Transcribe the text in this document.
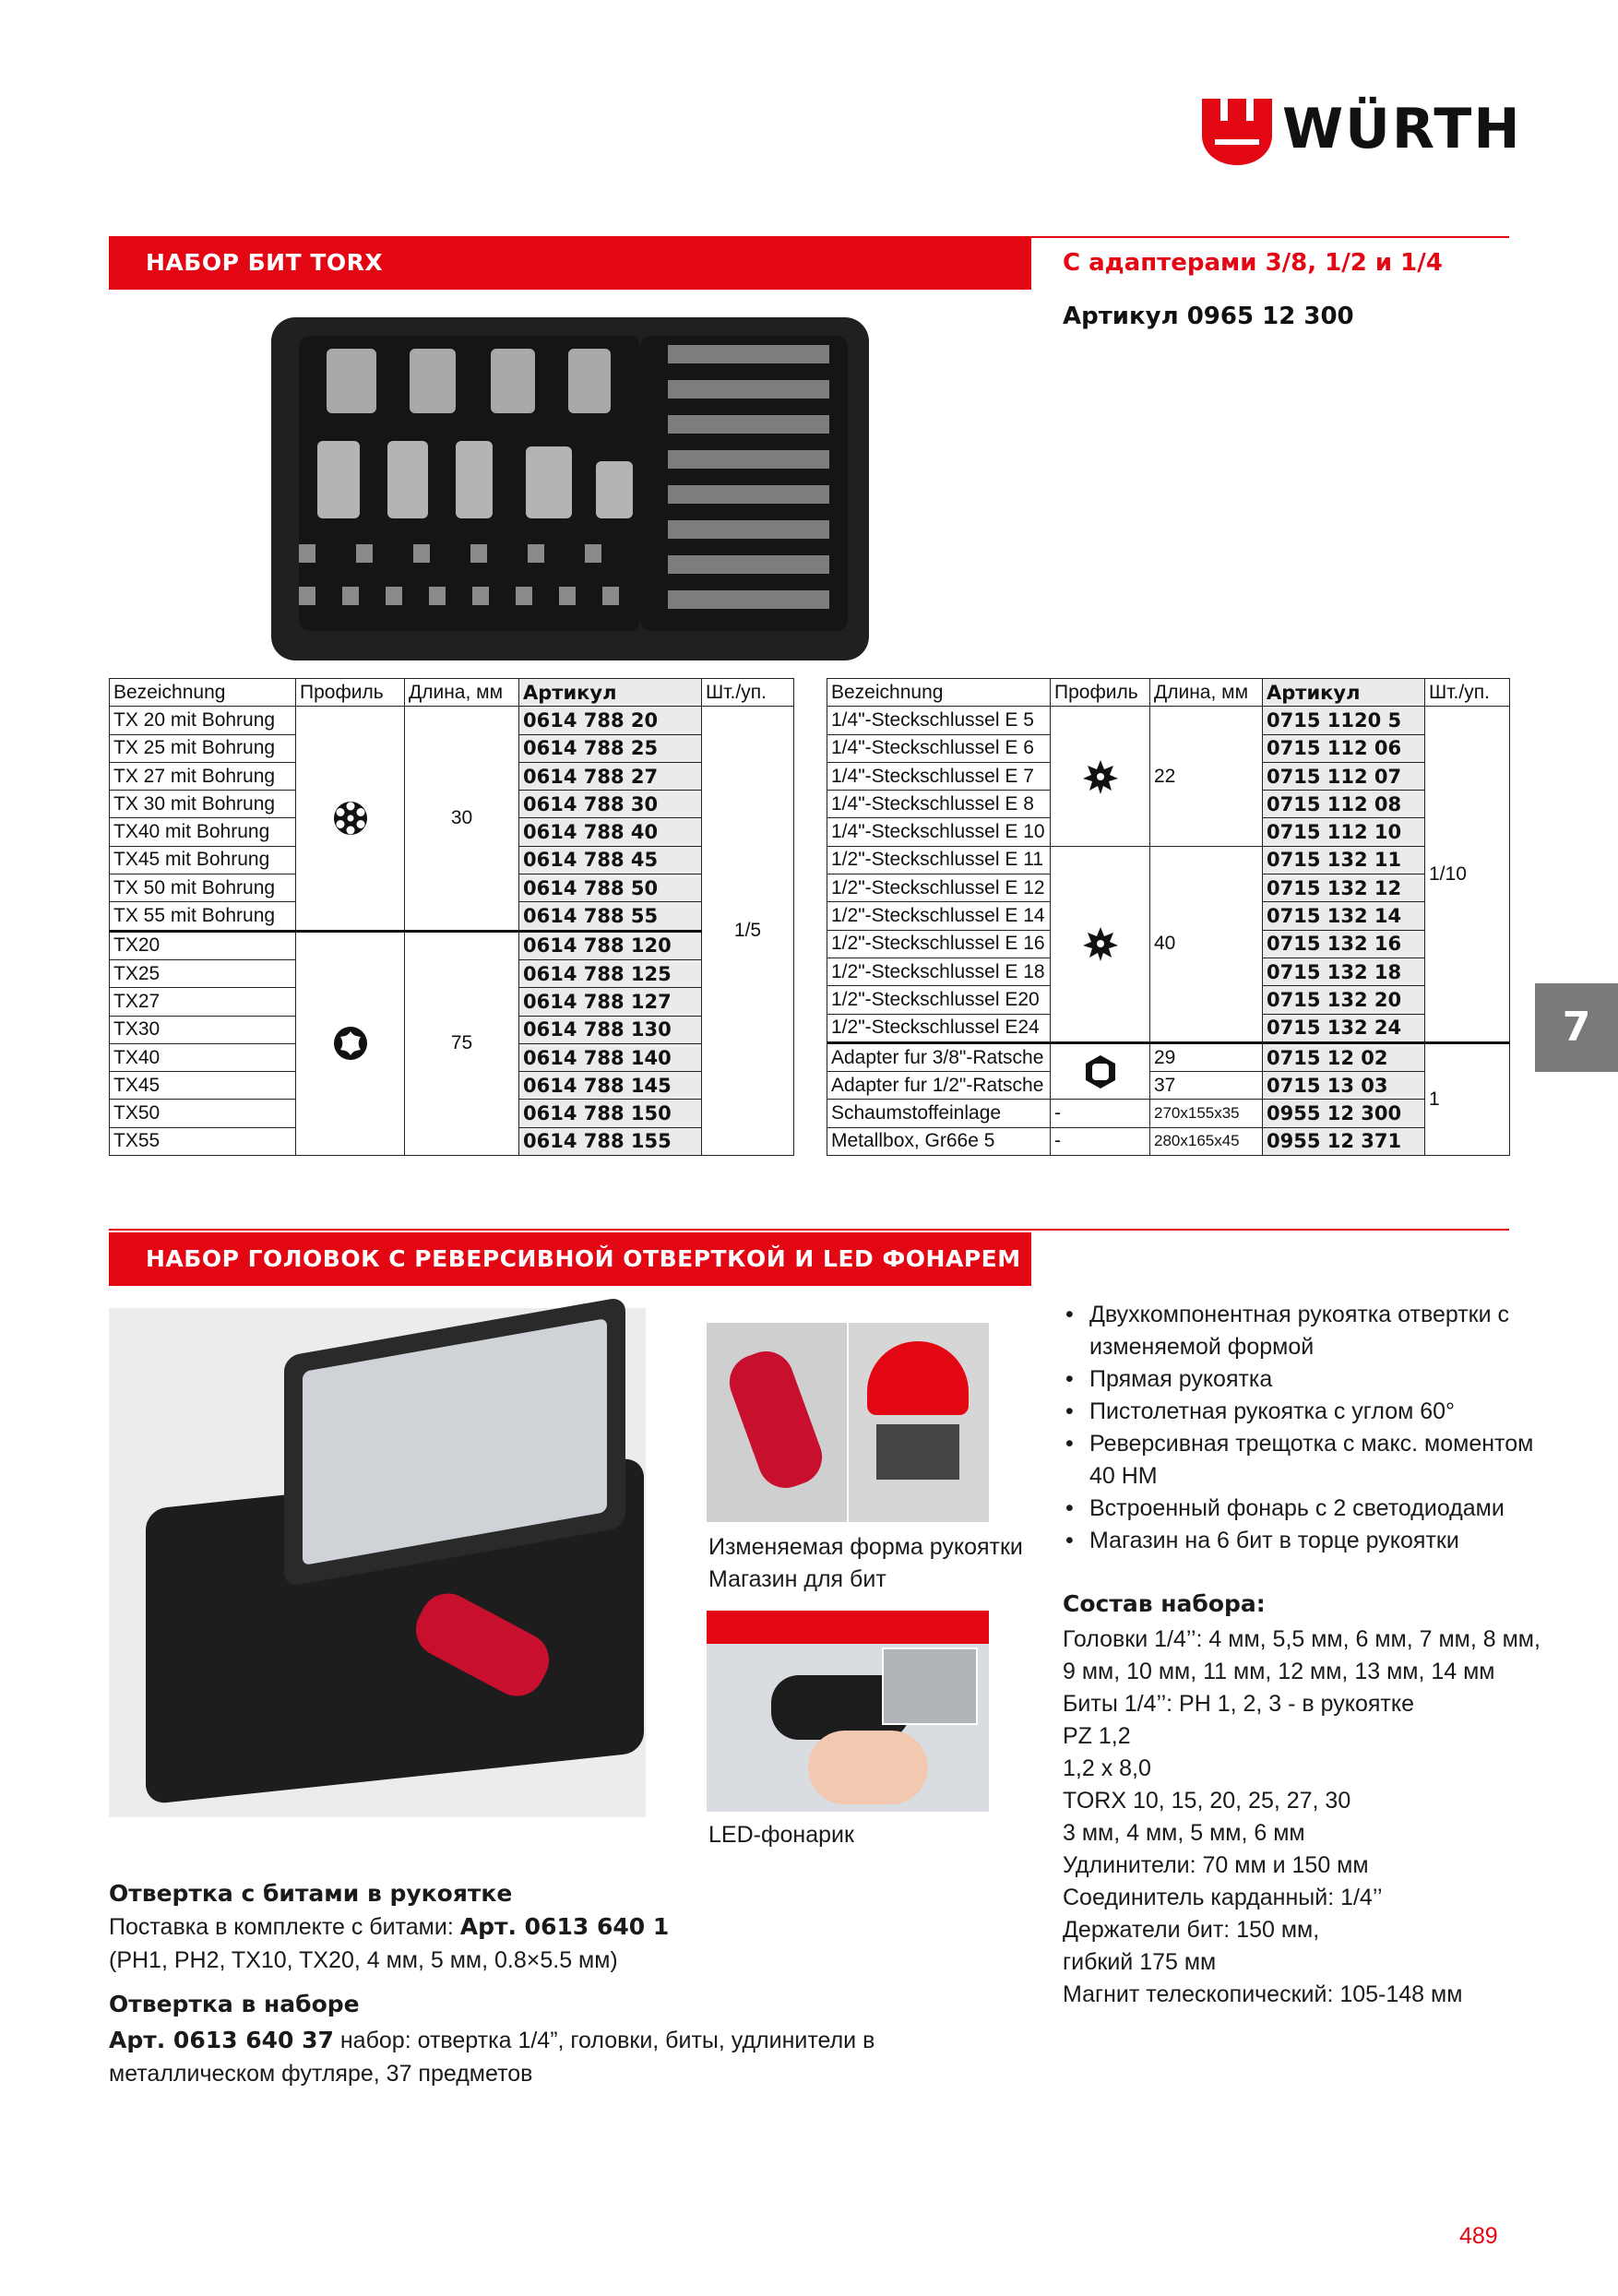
WÜRTH
НАБОР БИТ TORX	С адаптерами 3/8, 1/2 и 1/4
Артикул 0965 12 300
Bezeichnung	Профиль	Длина, мм	Артикул	Шт./уп.
TX 20 mit Bohrung		30	0614 788 20	1/5
TX 25 mit Bohrung			0614 788 25	
TX 27 mit Bohrung			0614 788 27	
TX 30 mit Bohrung			0614 788 30	
TX40 mit Bohrung			0614 788 40	
TX45 mit Bohrung			0614 788 45	
TX 50 mit Bohrung			0614 788 50	
TX 55 mit Bohrung			0614 788 55	
TX20		75	0614 788 120	
TX25			0614 788 125	
TX27			0614 788 127	
TX30			0614 788 130	
TX40			0614 788 140	
TX45			0614 788 145	
TX50			0614 788 150	
TX55			0614 788 155	
Bezeichnung	Профиль	Длина, мм	Артикул	Шт./уп.
1/4"-Steckschlussel E 5		22	0715 1120 5	1/10
1/4"-Steckschlussel E 6			0715 112 06	
1/4"-Steckschlussel E 7			0715 112 07	
1/4"-Steckschlussel E 8			0715 112 08	
1/4"-Steckschlussel E 10			0715 112 10	
1/2"-Steckschlussel E 11		40	0715 132 11	
1/2"-Steckschlussel E 12			0715 132 12	
1/2"-Steckschlussel E 14			0715 132 14	
1/2"-Steckschlussel E 16			0715 132 16	
1/2"-Steckschlussel E 18			0715 132 18	
1/2"-Steckschlussel E20			0715 132 20	
1/2"-Steckschlussel E24			0715 132 24	
Adapter fur 3/8"-Ratsche		29	0715 12 02	1
Adapter fur 1/2"-Ratsche		37	0715 13 03	
Schaumstoffeinlage	-	270x155x35	0955 12 300	
Metallbox, Gr66e 5	-	280x165x45	0955 12 371	
7
НАБОР ГОЛОВОК С РЕВЕРСИВНОЙ ОТВЕРТКОЙ И LED ФОНАРЕМ
Изменяемая форма рукоятки
Магазин для бит
LED-фонарик
• Двухкомпонентная рукоятка отвертки с изменяемой формой
• Прямая рукоятка
• Пистолетная рукоятка с углом 60°
• Реверсивная трещотка с макс. моментом 40 НМ
• Встроенный фонарь с 2 светодиодами
• Магазин на 6 бит в торце рукоятки
Состав набора:
Головки 1/4’’: 4 мм, 5,5 мм, 6 мм, 7 мм, 8 мм, 9 мм, 10 мм, 11 мм, 12 мм, 13 мм, 14 мм
Биты 1/4’’: PH 1, 2, 3 - в рукоятке
PZ 1,2
1,2 х 8,0
TORX 10, 15, 20, 25, 27, 30
3 мм, 4 мм, 5 мм, 6 мм
Удлинители: 70 мм и 150 мм
Соединитель карданный: 1/4’’
Держатели бит: 150 мм,
гибкий 175 мм
Магнит телескопический: 105-148 мм
Отвертка с битами в рукоятке
Поставка в комплекте с битами: Арт. 0613 640 1
(PH1, PH2, TX10, TX20, 4 мм, 5 мм, 0.8×5.5 мм)
Отвертка в наборе
Арт. 0613 640 37 набор: отвертка 1/4”, головки, биты, удлинители в металлическом футляре, 37 предметов
489
